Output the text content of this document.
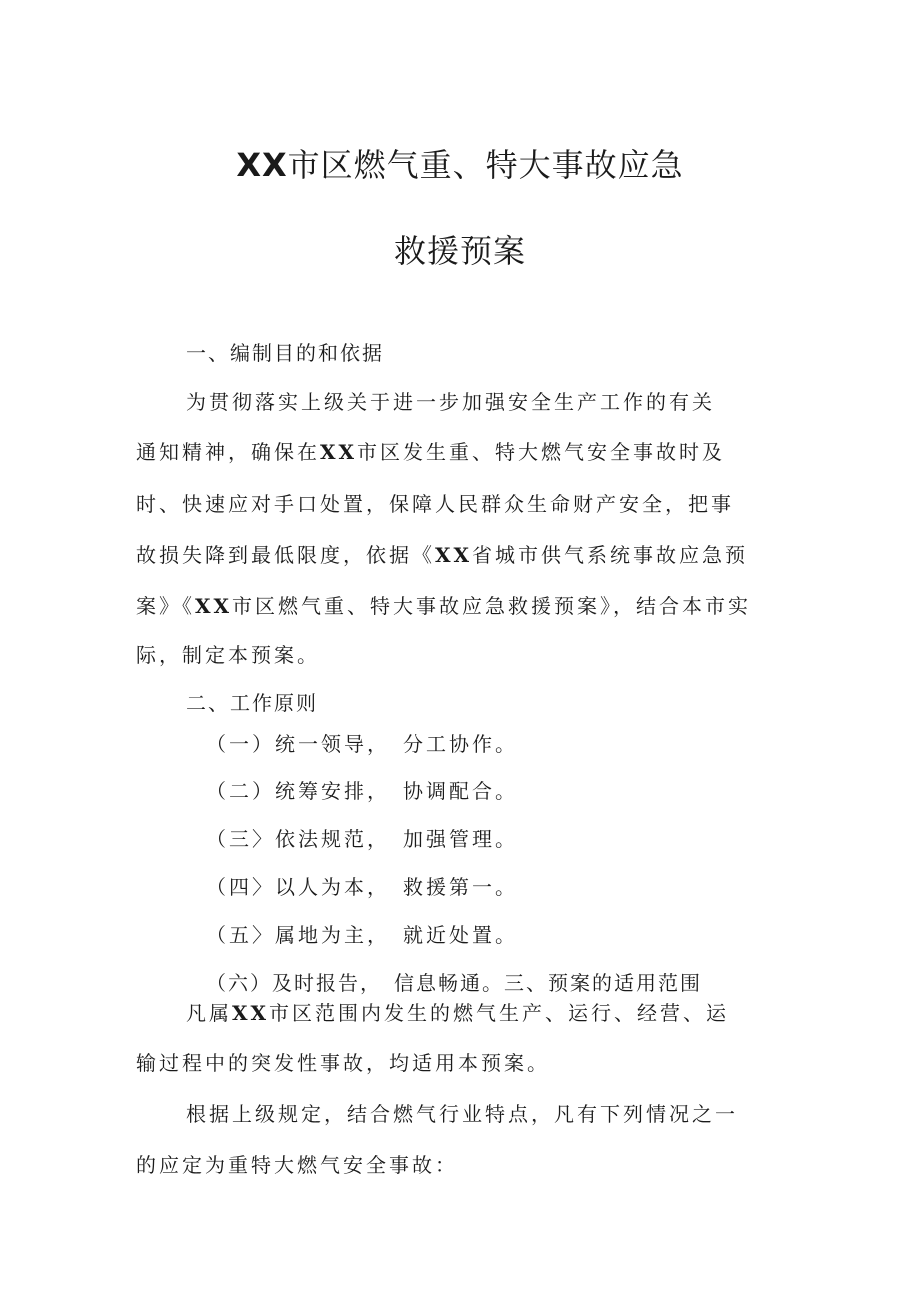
XX市区燃气重、特大事故应急
救援预案
一、编制目的和依据
为贯彻落实上级关于进一步加强安全生产工作的有关
通知精神，确保在XX市区发生重、特大燃气安全事故时及
时、快速应对手口处置，保障人民群众生命财产安全，把事
故损失降到最低限度，依据《XX省城市供气系统事故应急预
案》《XX市区燃气重、特大事故应急救援预案》，结合本市实
际，制定本预案。
二、工作原则
（一）统一领导，　分工协作。
（二）统筹安排，　协调配合。
（三〉依法规范，　加强管理。
（四〉以人为本，　救援第一。
（五〉属地为主，　就近处置。
（六）及时报告，　信息畅通。三、预案的适用范围
凡属XX市区范围内发生的燃气生产、运行、经营、运
输过程中的突发性事故，均适用本预案。
根据上级规定，结合燃气行业特点，凡有下列情况之一
的应定为重特大燃气安全事故：
